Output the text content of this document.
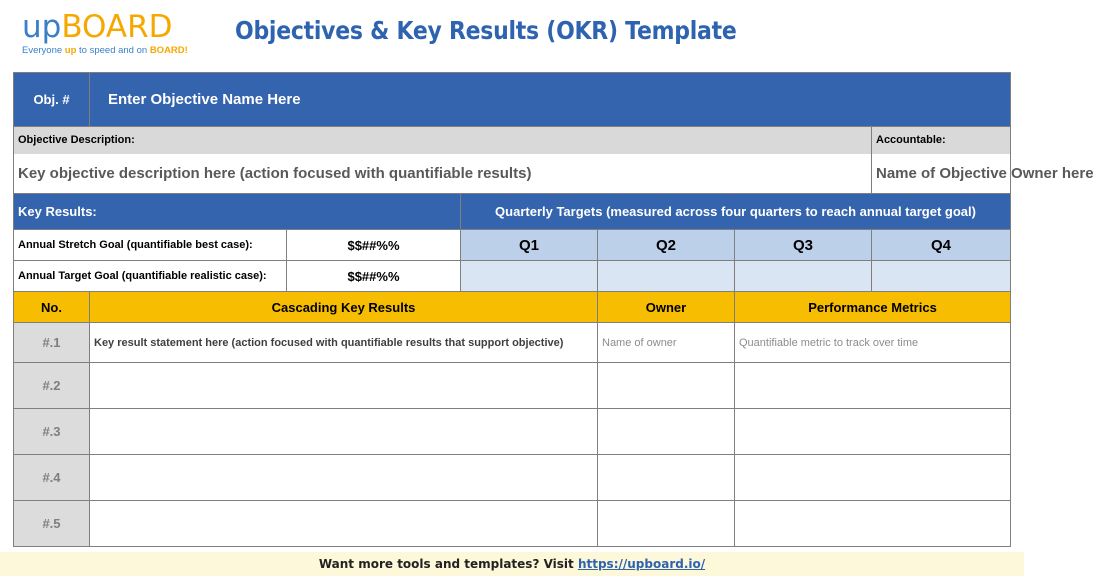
upBOARD
Everyone up to speed and on BOARD!
Objectives & Key Results (OKR) Template
Obj. #	Enter Objective Name Here					
Objective Description:						Accountable:
Key objective description here (action focused with quantifiable results)						Name of Objective Owner here
Key Results:			Quarterly Targets (measured across four quarters to reach annual target goal)			
Annual Stretch Goal (quantifiable best case):		$$##%%	Q1	Q2	Q3	Q4
Annual Target Goal (quantifiable realistic case):		$$##%%				
No.	Cascading Key Results			Owner	Performance Metrics	
#.1	Key result statement here (action focused with quantifiable results that support objective)			Name of owner	Quantifiable metric to track over time	
#.2						
#.3						
#.4						
#.5						
Want more tools and templates? Visit https://upboard.io/
